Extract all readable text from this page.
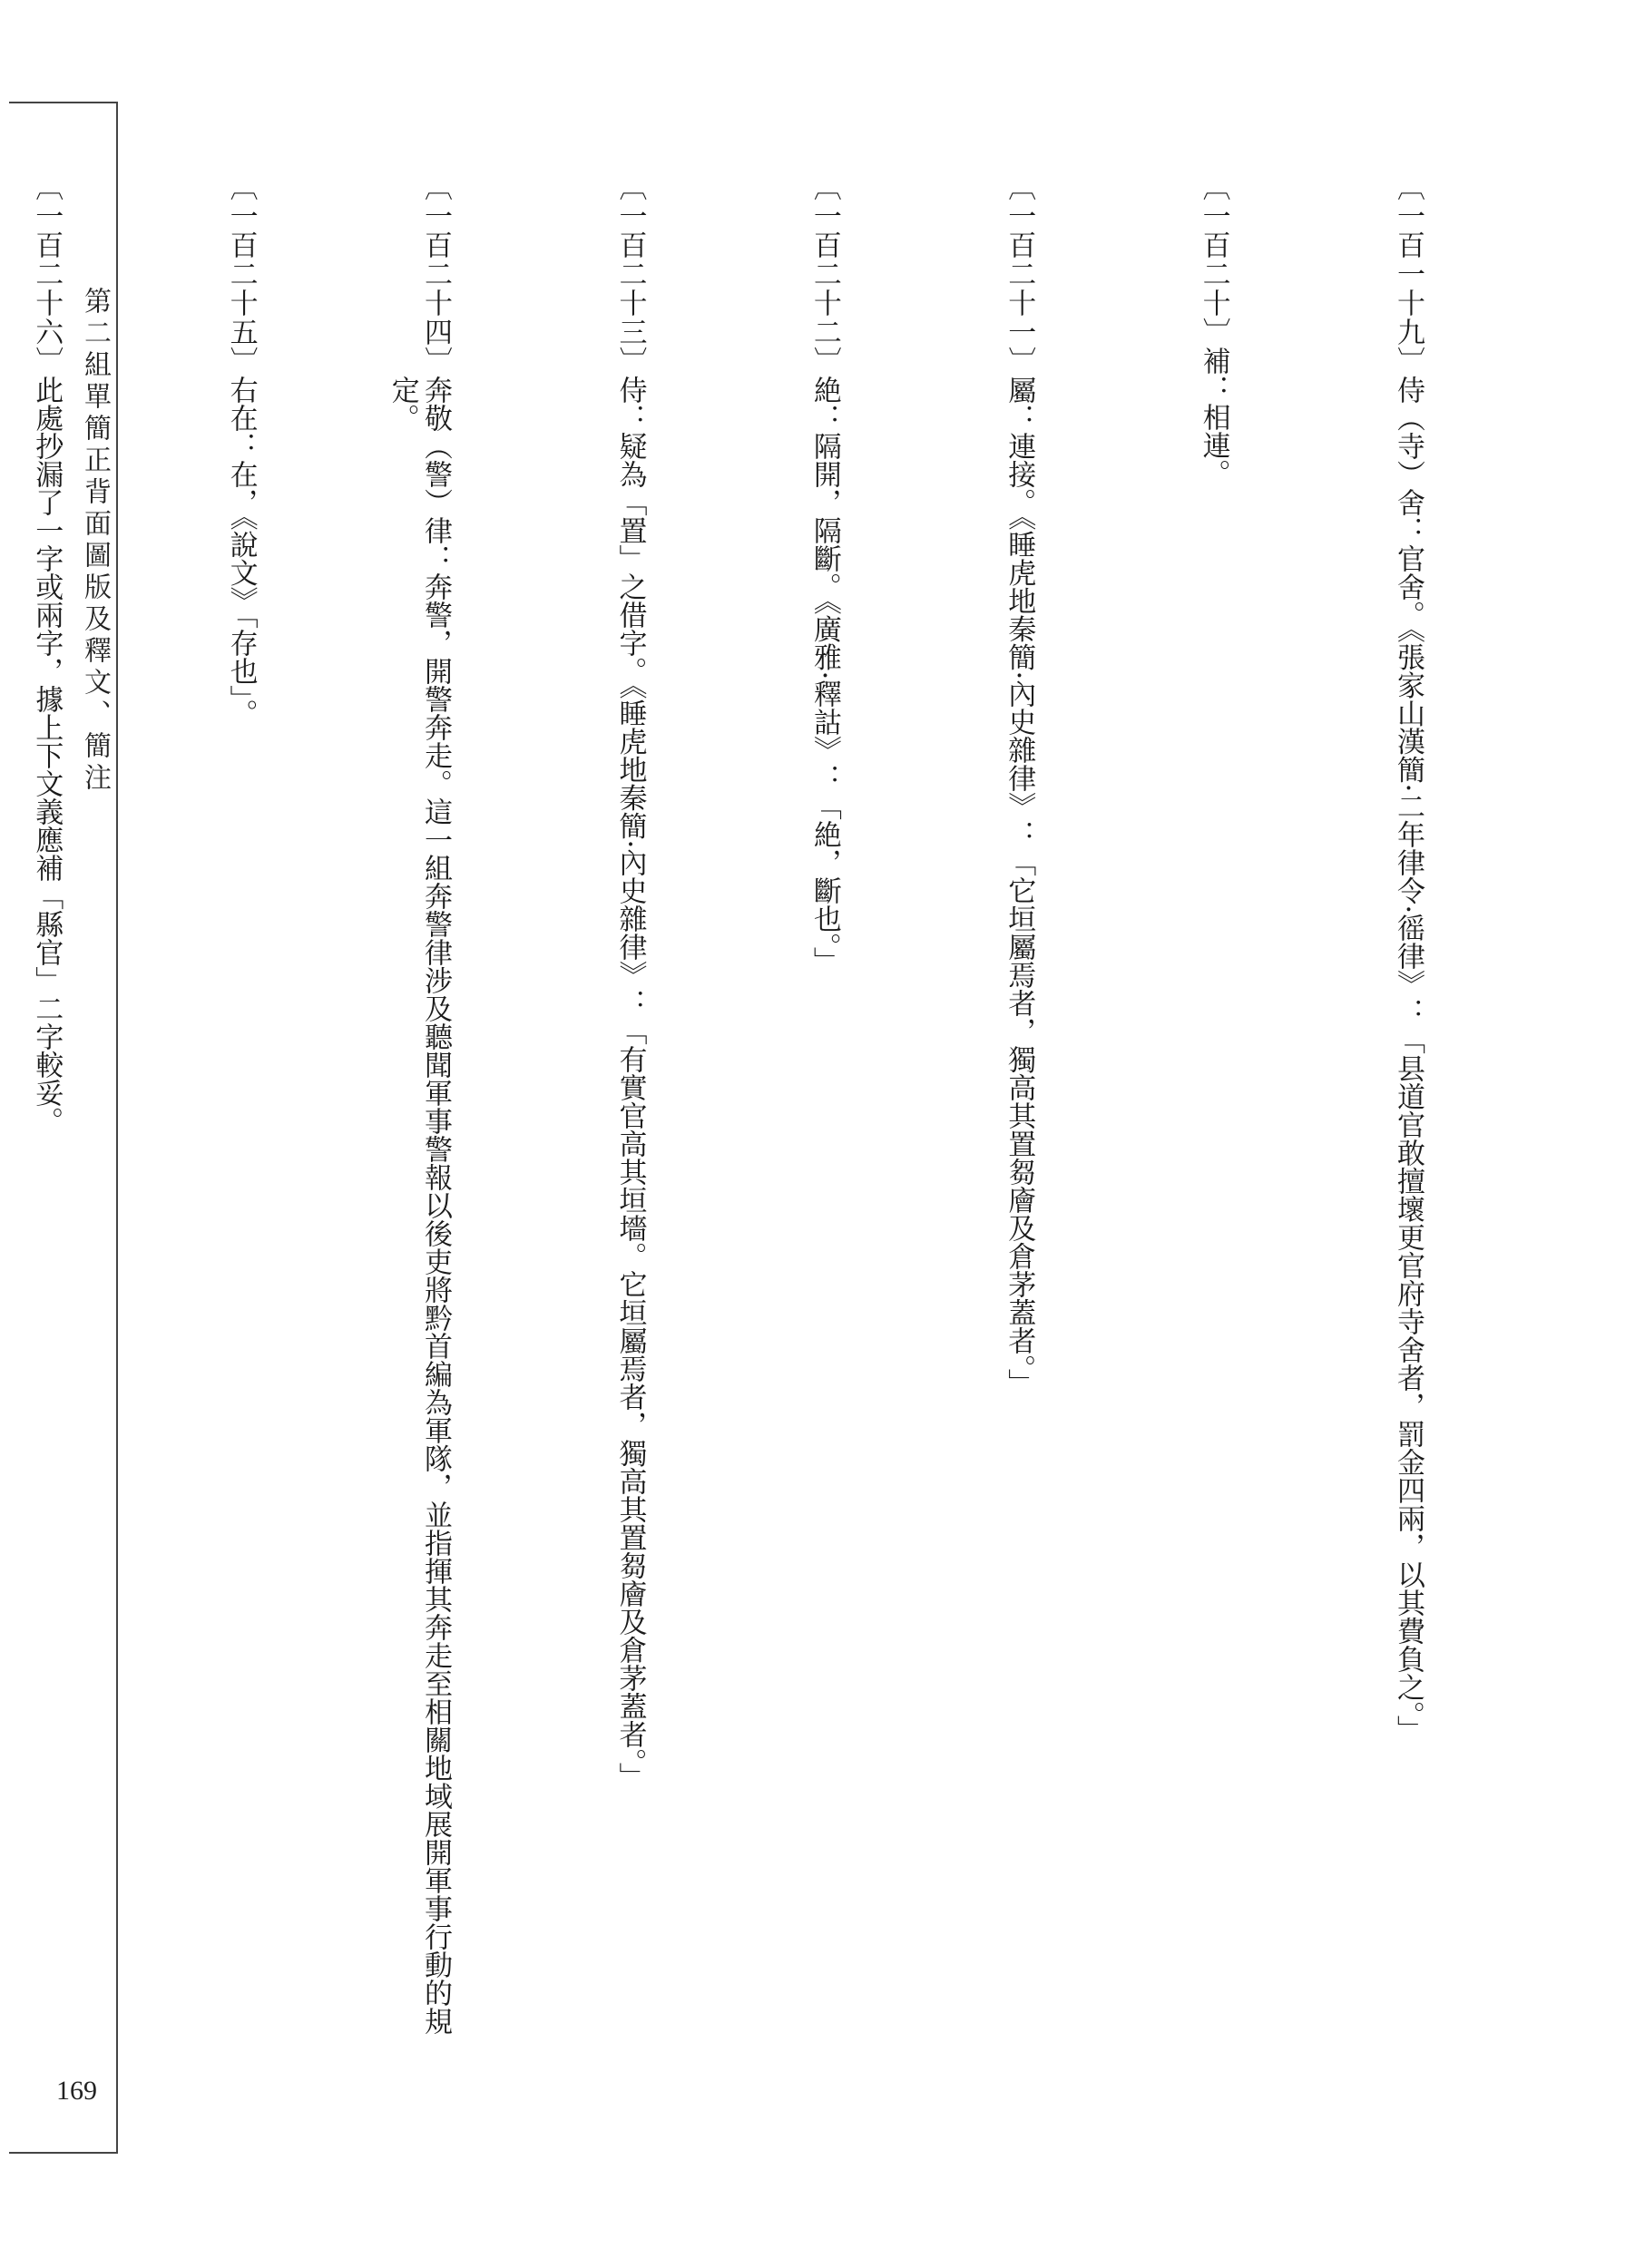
第二組單簡正背面圖版及釋文、簡注
169
〔一百一十九〕
侍（寺）舍：官舍。《張家山漢簡·二年律令·徭律》：「县道官敢擅壞更官府寺舍者，罰金四兩，以其費負之。」
〔一百二十〕
補：相連。
〔一百二十一〕
屬：連接。《睡虎地秦簡·內史雜律》：「它垣屬焉者，獨高其置芻廥及倉茅蓋者。」
〔一百二十二〕
絶：隔開，隔斷。《廣雅·釋詁》：「絶，斷也。」
〔一百二十三〕
侍：疑為「置」之借字。《睡虎地秦簡·內史雜律》：「有實官高其垣墻。它垣屬焉者，獨高其置芻廥及倉茅蓋者。」
〔一百二十四〕
奔敬（警）律：奔警，開警奔走。這一組奔警律涉及聽聞軍事警報以後吏將黔首編為軍隊，並指揮其奔走至相關地域展開軍事行動的規定。
〔一百二十五〕
右在：在，《說文》「存也」。
〔一百二十六〕
此處抄漏了一字或兩字，據上下文義應補「縣官」二字較妥。
